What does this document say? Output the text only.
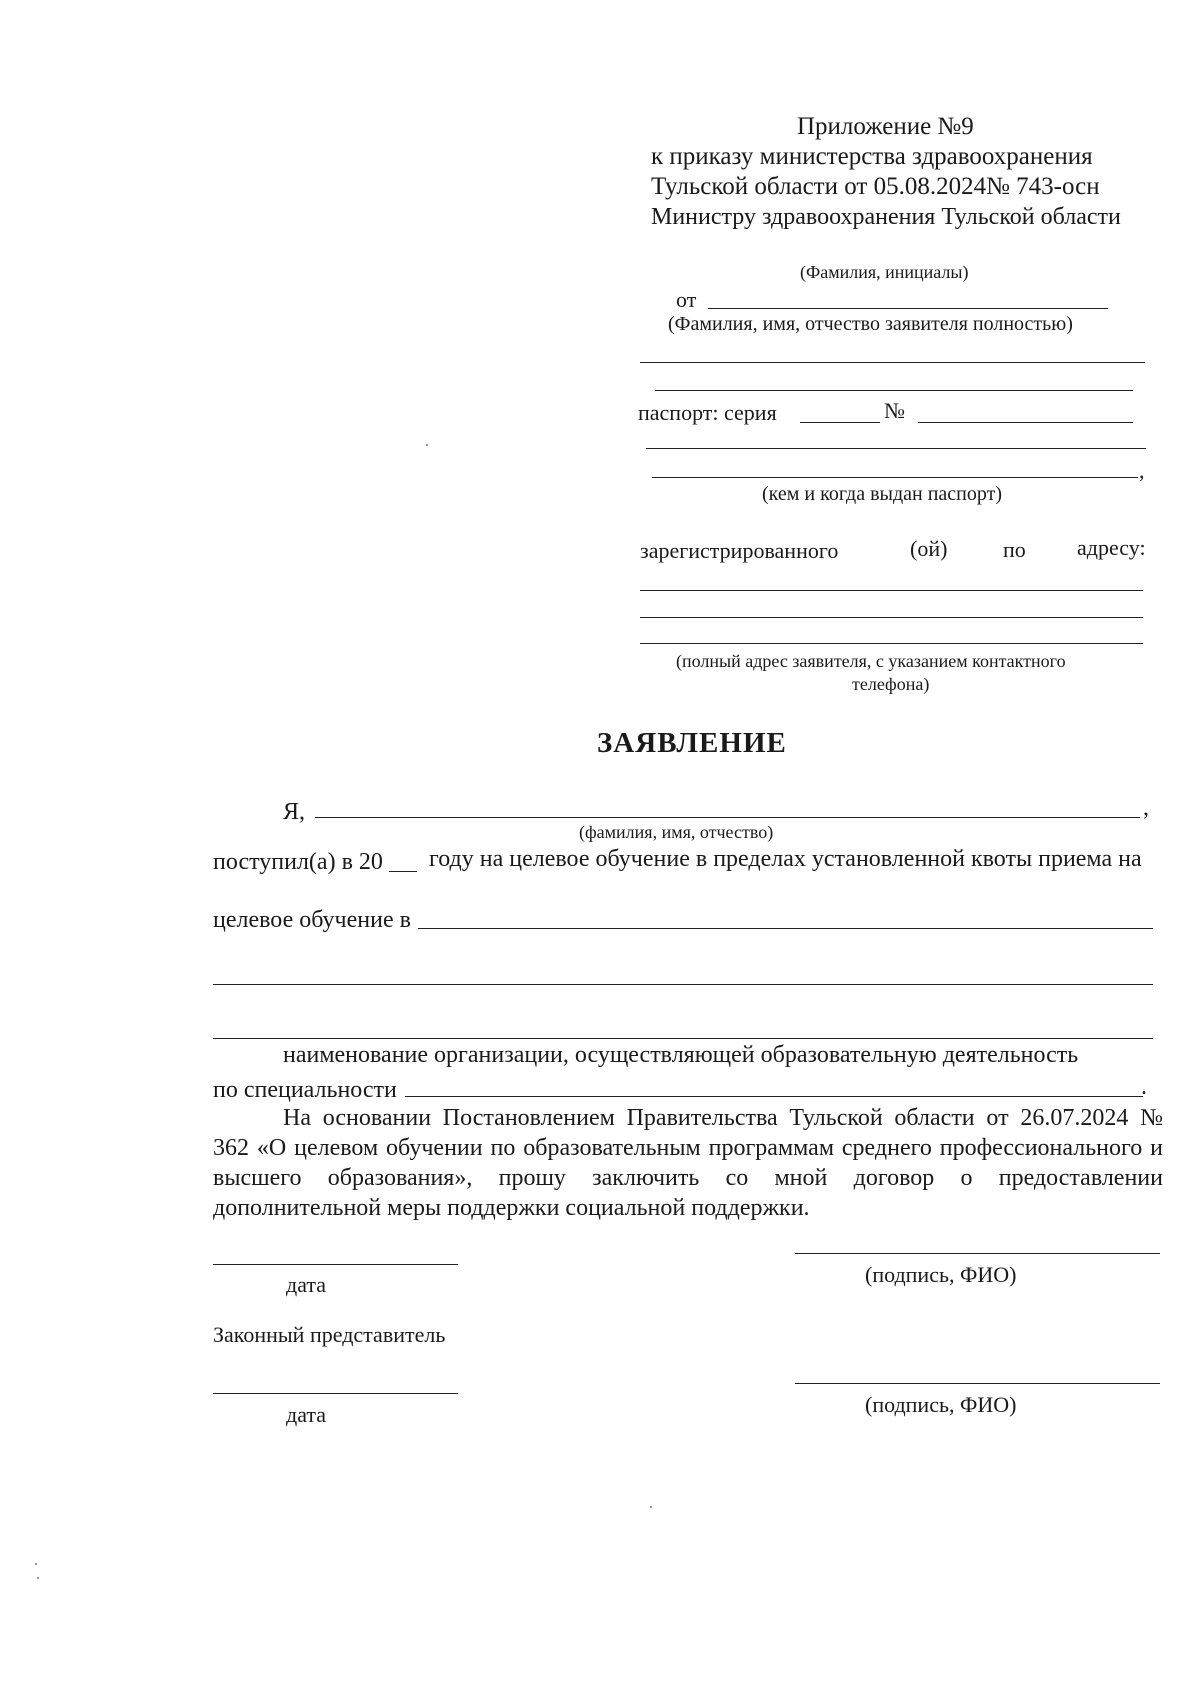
Приложение №9
к приказу министерства здравоохранения
Тульской области от 05.08.2024№ 743-осн
Министру здравоохранения Тульской области
(Фамилия, инициалы)
от
(Фамилия, имя, отчество заявителя полностью)
паспорт: серия	№
,
(кем и когда выдан паспорт)
зарегистрированного	(ой)	по адресу:
(полный адрес заявителя, с указанием контактного
телефона)
ЗАЯВЛЕНИЕ
Я,	,
(фамилия, имя, отчество)
поступил(а) в 20 году на целевое обучение в пределах установленной квоты приема на
целевое обучение в
наименование организации, осуществляющей образовательную деятельность
по специальности	.
На основании Постановлением Правительства Тульской области от 26.07.2024 №
362 «О целевом обучении по образовательным программам среднего профессионального и
высшего образования», прошу заключить со мной договор о предоставлении
дополнительной меры поддержки социальной поддержки.
дата	(подпись, ФИО)
Законный представитель
дата	(подпись, ФИО)
